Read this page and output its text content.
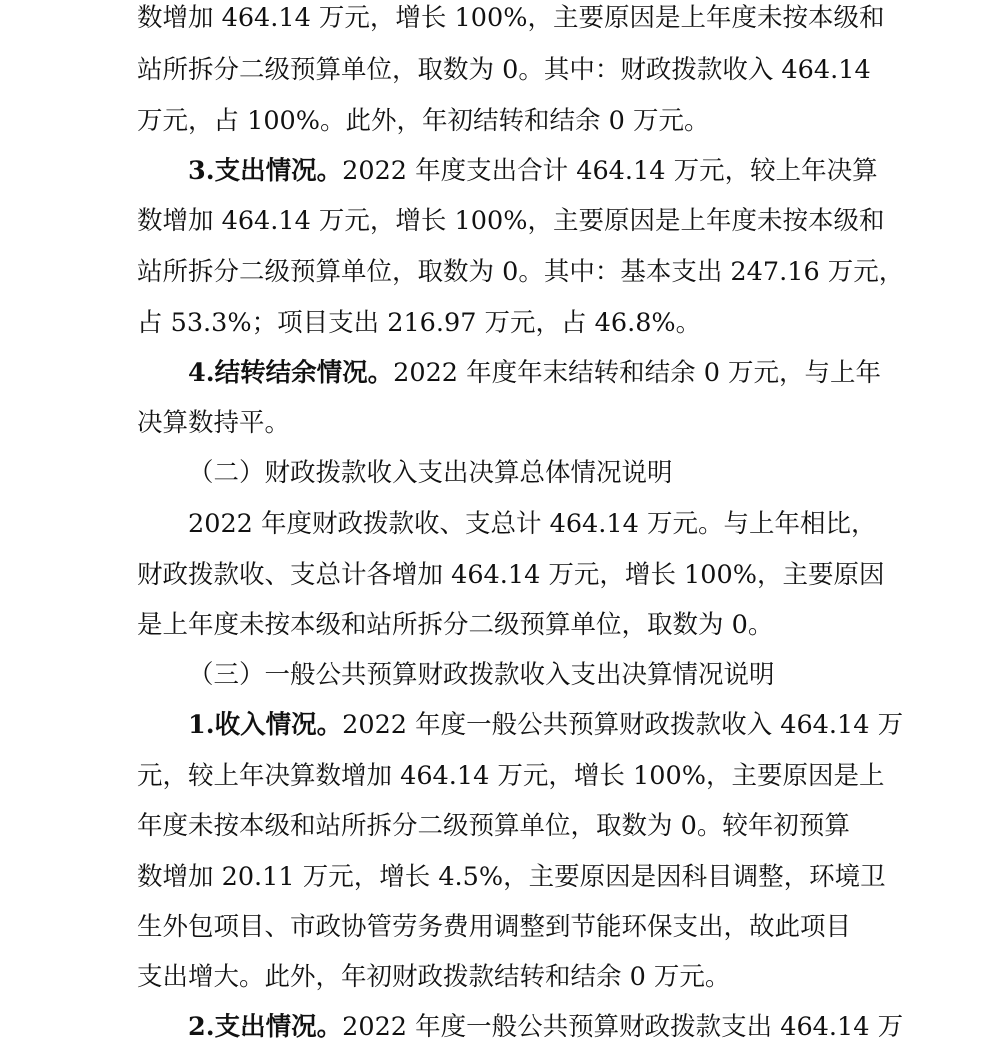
数增加 464.14 万元，增长 100%，主要原因是上年度未按本级和
站所拆分二级预算单位，取数为 0。其中：财政拨款收入 464.14
万元，占 100%。此外，年初结转和结余 0 万元。
3.支出情况。2022 年度支出合计 464.14 万元，较上年决算
数增加 464.14 万元，增长 100%，主要原因是上年度未按本级和
站所拆分二级预算单位，取数为 0。其中：基本支出 247.16 万元，
占 53.3%；项目支出 216.97 万元，占 46.8%。
4.结转结余情况。2022 年度年末结转和结余 0 万元，与上年
决算数持平。
（二）财政拨款收入支出决算总体情况说明
2022 年度财政拨款收、支总计 464.14 万元。与上年相比，
财政拨款收、支总计各增加 464.14 万元，增长 100%，主要原因
是上年度未按本级和站所拆分二级预算单位，取数为 0。
（三）一般公共预算财政拨款收入支出决算情况说明
1.收入情况。2022 年度一般公共预算财政拨款收入 464.14 万
元，较上年决算数增加 464.14 万元，增长 100%，主要原因是上
年度未按本级和站所拆分二级预算单位，取数为 0。较年初预算
数增加 20.11 万元，增长 4.5%，主要原因是因科目调整，环境卫
生外包项目、市政协管劳务费用调整到节能环保支出，故此项目
支出增大。此外，年初财政拨款结转和结余 0 万元。
2.支出情况。2022 年度一般公共预算财政拨款支出 464.14 万
